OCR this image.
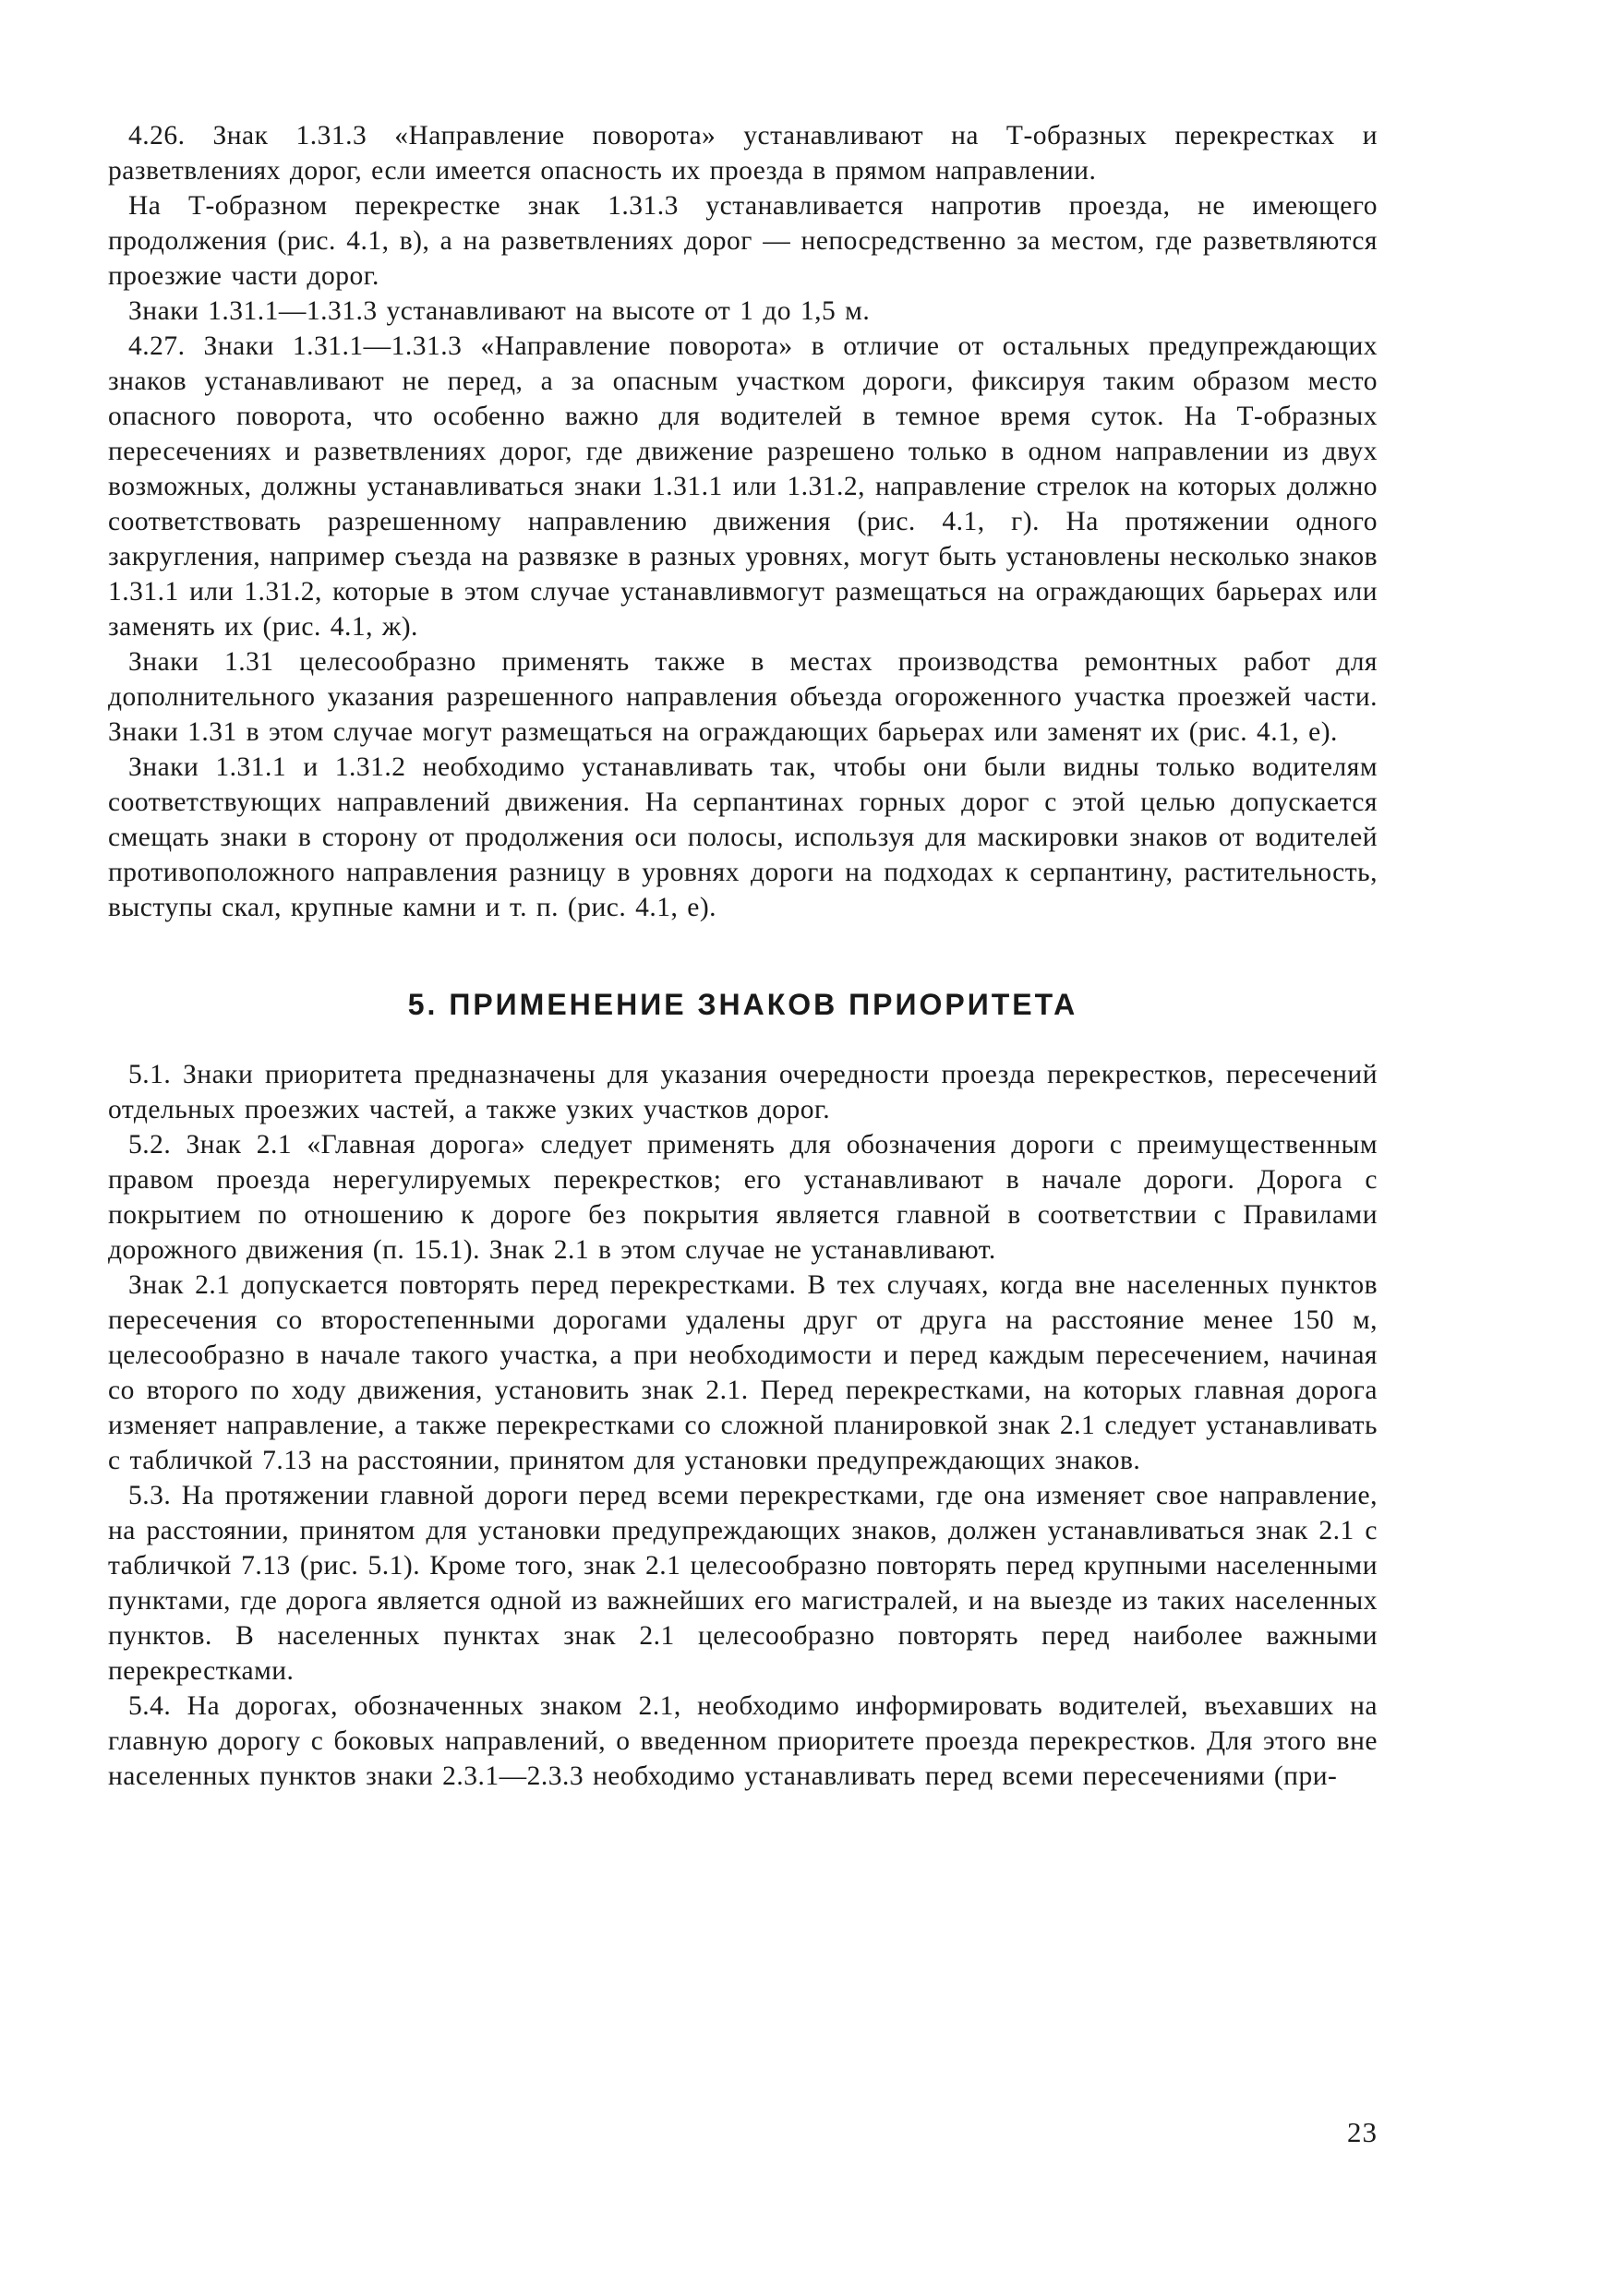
4.26. Знак 1.31.3 «Направление поворота» устанавливают на Т-образных перекрестках и разветвлениях дорог, если имеется опасность их проезда в прямом направлении.

На Т-образном перекрестке знак 1.31.3 устанавливается напротив проезда, не имеющего продолжения (рис. 4.1, в), а на разветвлениях дорог — непосредственно за местом, где разветвляются проезжие части дорог.

Знаки 1.31.1—1.31.3 устанавливают на высоте от 1 до 1,5 м.

4.27. Знаки 1.31.1—1.31.3 «Направление поворота» в отличие от остальных предупреждающих знаков устанавливают не перед, а за опасным участком дороги, фиксируя таким образом место опасного поворота, что особенно важно для водителей в темное время суток. На Т-образных пересечениях и разветвлениях дорог, где движение разрешено только в одном направлении из двух возможных, должны устанавливаться знаки 1.31.1 или 1.31.2, направление стрелок на которых должно соответствовать разрешенному направлению движения (рис. 4.1, г). На протяжении одного закругления, например съезда на развязке в разных уровнях, могут быть установлены несколько знаков 1.31.1 или 1.31.2, которые в этом случае устанавливмогут размещаться на ограждающих барьерах или заменять их (рис. 4.1, ж).

Знаки 1.31 целесообразно применять также в местах производства ремонтных работ для дополнительного указания разрешенного направления объезда огороженного участка проезжей части. Знаки 1.31 в этом случае могут размещаться на ограждающих барьерах или заменят их (рис. 4.1, е).

Знаки 1.31.1 и 1.31.2 необходимо устанавливать так, чтобы они были видны только водителям соответствующих направлений движения. На серпантинах горных дорог с этой целью допускается смещать знаки в сторону от продолжения оси полосы, используя для маскировки знаков от водителей противоположного направления разницу в уровнях дороги на подходах к серпантину, растительность, выступы скал, крупные камни и т. п. (рис. 4.1, е).

5. ПРИМЕНЕНИЕ ЗНАКОВ ПРИОРИТЕТА

5.1. Знаки приоритета предназначены для указания очередности проезда перекрестков, пересечений отдельных проезжих частей, а также узких участков дорог.

5.2. Знак 2.1 «Главная дорога» следует применять для обозначения дороги с преимущественным правом проезда нерегулируемых перекрестков; его устанавливают в начале дороги. Дорога с покрытием по отношению к дороге без покрытия является главной в соответствии с Правилами дорожного движения (п. 15.1). Знак 2.1 в этом случае не устанавливают.

Знак 2.1 допускается повторять перед перекрестками. В тех случаях, когда вне населенных пунктов пересечения со второстепенными дорогами удалены друг от друга на расстояние менее 150 м, целесообразно в начале такого участка, а при необходимости и перед каждым пересечением, начиная со второго по ходу движения, установить знак 2.1. Перед перекрестками, на которых главная дорога изменяет направление, а также перекрестками со сложной планировкой знак 2.1 следует устанавливать с табличкой 7.13 на расстоянии, принятом для установки предупреждающих знаков.

5.3. На протяжении главной дороги перед всеми перекрестками, где она изменяет свое направление, на расстоянии, принятом для установки предупреждающих знаков, должен устанавливаться знак 2.1 с табличкой 7.13 (рис. 5.1). Кроме того, знак 2.1 целесообразно повторять перед крупными населенными пунктами, где дорога является одной из важнейших его магистралей, и на выезде из таких населенных пунктов. В населенных пунктах знак 2.1 целесообразно повторять перед наиболее важными перекрестками.

5.4. На дорогах, обозначенных знаком 2.1, необходимо информировать водителей, въехавших на главную дорогу с боковых направлений, о введенном приоритете проезда перекрестков. Для этого вне населенных пунктов знаки 2.3.1—2.3.3 необходимо устанавливать перед всеми пересечениями (при-

23
